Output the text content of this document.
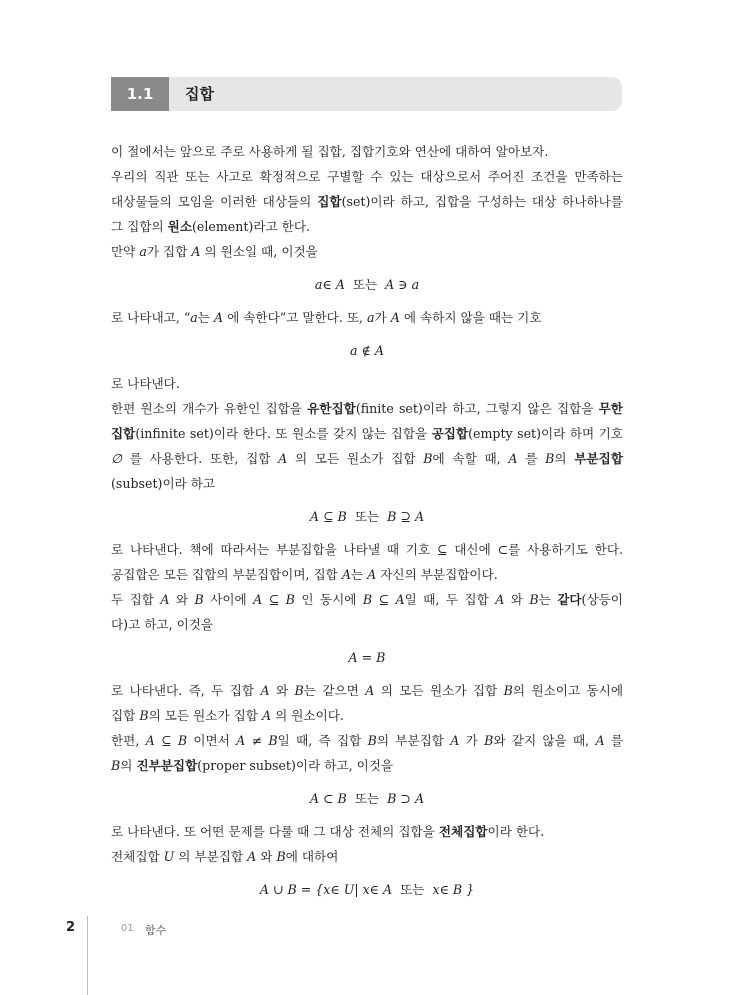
1.1	집합
이 절에서는 앞으로 주로 사용하게 될 집합, 집합기호와 연산에 대하여 알아보자.
우리의 직관 또는 사고로 확정적으로 구별할 수 있는 대상으로서 주어진 조건을 만족하는
대상물들의 모임을 이러한 대상들의 집합(set)이라 하고, 집합을 구성하는 대상 하나하나를
그 집합의 원소(element)라고 한다.
만약 a가 집합 A 의 원소일 때, 이것을
a∈ A  또는  A ∋ a
로 나타내고, “a는 A 에 속한다”고 말한다. 또, a가 A 에 속하지 않을 때는 기호
a ∉ A
로 나타낸다.
한편 원소의 개수가 유한인 집합을 유한집합(finite set)이라 하고, 그렇지 않은 집합을 무한
집합(infinite set)이라 한다. 또 원소를 갖지 않는 집합을 공집합(empty set)이라 하며 기호
∅ 를 사용한다. 또한, 집합 A 의 모든 원소가 집합 B에 속할 때, A 를 B의 부분집합
(subset)이라 하고
A ⊆ B  또는  B ⊇ A
로 나타낸다. 책에 따라서는 부분집합을 나타낼 때 기호 ⊆ 대신에 ⊂를 사용하기도 한다.
공집합은 모든 집합의 부분집합이며, 집합 A는 A 자신의 부분집합이다.
두 집합 A 와 B 사이에 A ⊆ B 인 동시에 B ⊆ A일 때, 두 집합 A 와 B는 같다(상등이
다)고 하고, 이것을
A = B
로 나타낸다. 즉, 두 집합 A 와 B는 같으면 A 의 모든 원소가 집합 B의 원소이고 동시에
집합 B의 모든 원소가 집합 A 의 원소이다.
한편, A ⊆ B 이면서 A ≠ B일 때, 즉 집합 B의 부분집합 A 가 B와 같지 않을 때, A 를
B의 진부분집합(proper subset)이라 하고, 이것을
A ⊂ B  또는  B ⊃ A
로 나타낸다. 또 어떤 문제를 다룰 때 그 대상 전체의 집합을 전체집합이라 한다.
전체집합 U 의 부분집합 A 와 B에 대하여
A ∪ B = {x∈ U| x∈ A  또는  x∈ B }
2	01 함수
